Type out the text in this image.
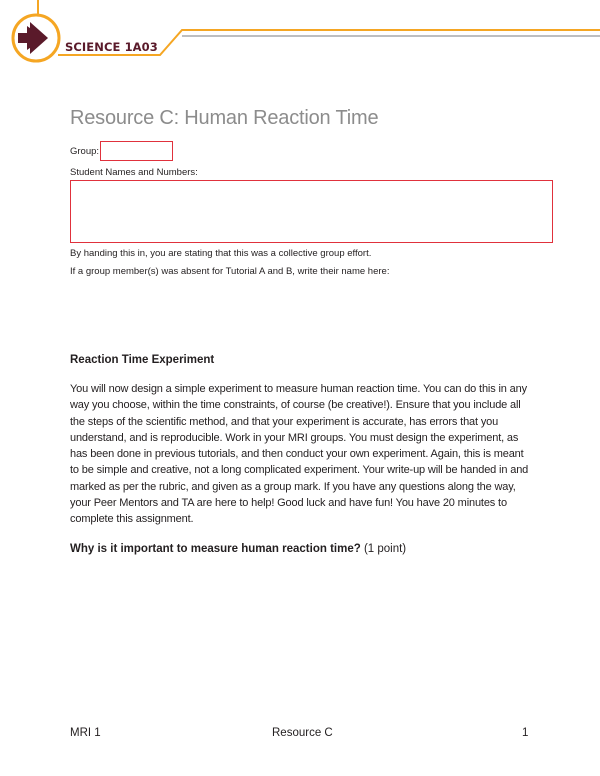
SCIENCE 1A03
Resource C: Human Reaction Time
Group:
Student Names and Numbers:
By handing this in, you are stating that this was a collective group effort.
If a group member(s) was absent for Tutorial A and B, write their name here:
Reaction Time Experiment

You will now design a simple experiment to measure human reaction time. You can do this in any way you choose, within the time constraints, of course (be creative!). Ensure that you include all the steps of the scientific method, and that your experiment is accurate, has errors that you understand, and is reproducible. Work in your MRI groups. You must design the experiment, as has been done in previous tutorials, and then conduct your own experiment. Again, this is meant to be simple and creative, not a long complicated experiment. Your write-up will be handed in and marked as per the rubric, and given as a group mark. If you have any questions along the way, your Peer Mentors and TA are here to help! Good luck and have fun! You have 20 minutes to complete this assignment.

Why is it important to measure human reaction time? (1 point)

MRI 1	Resource C	1
